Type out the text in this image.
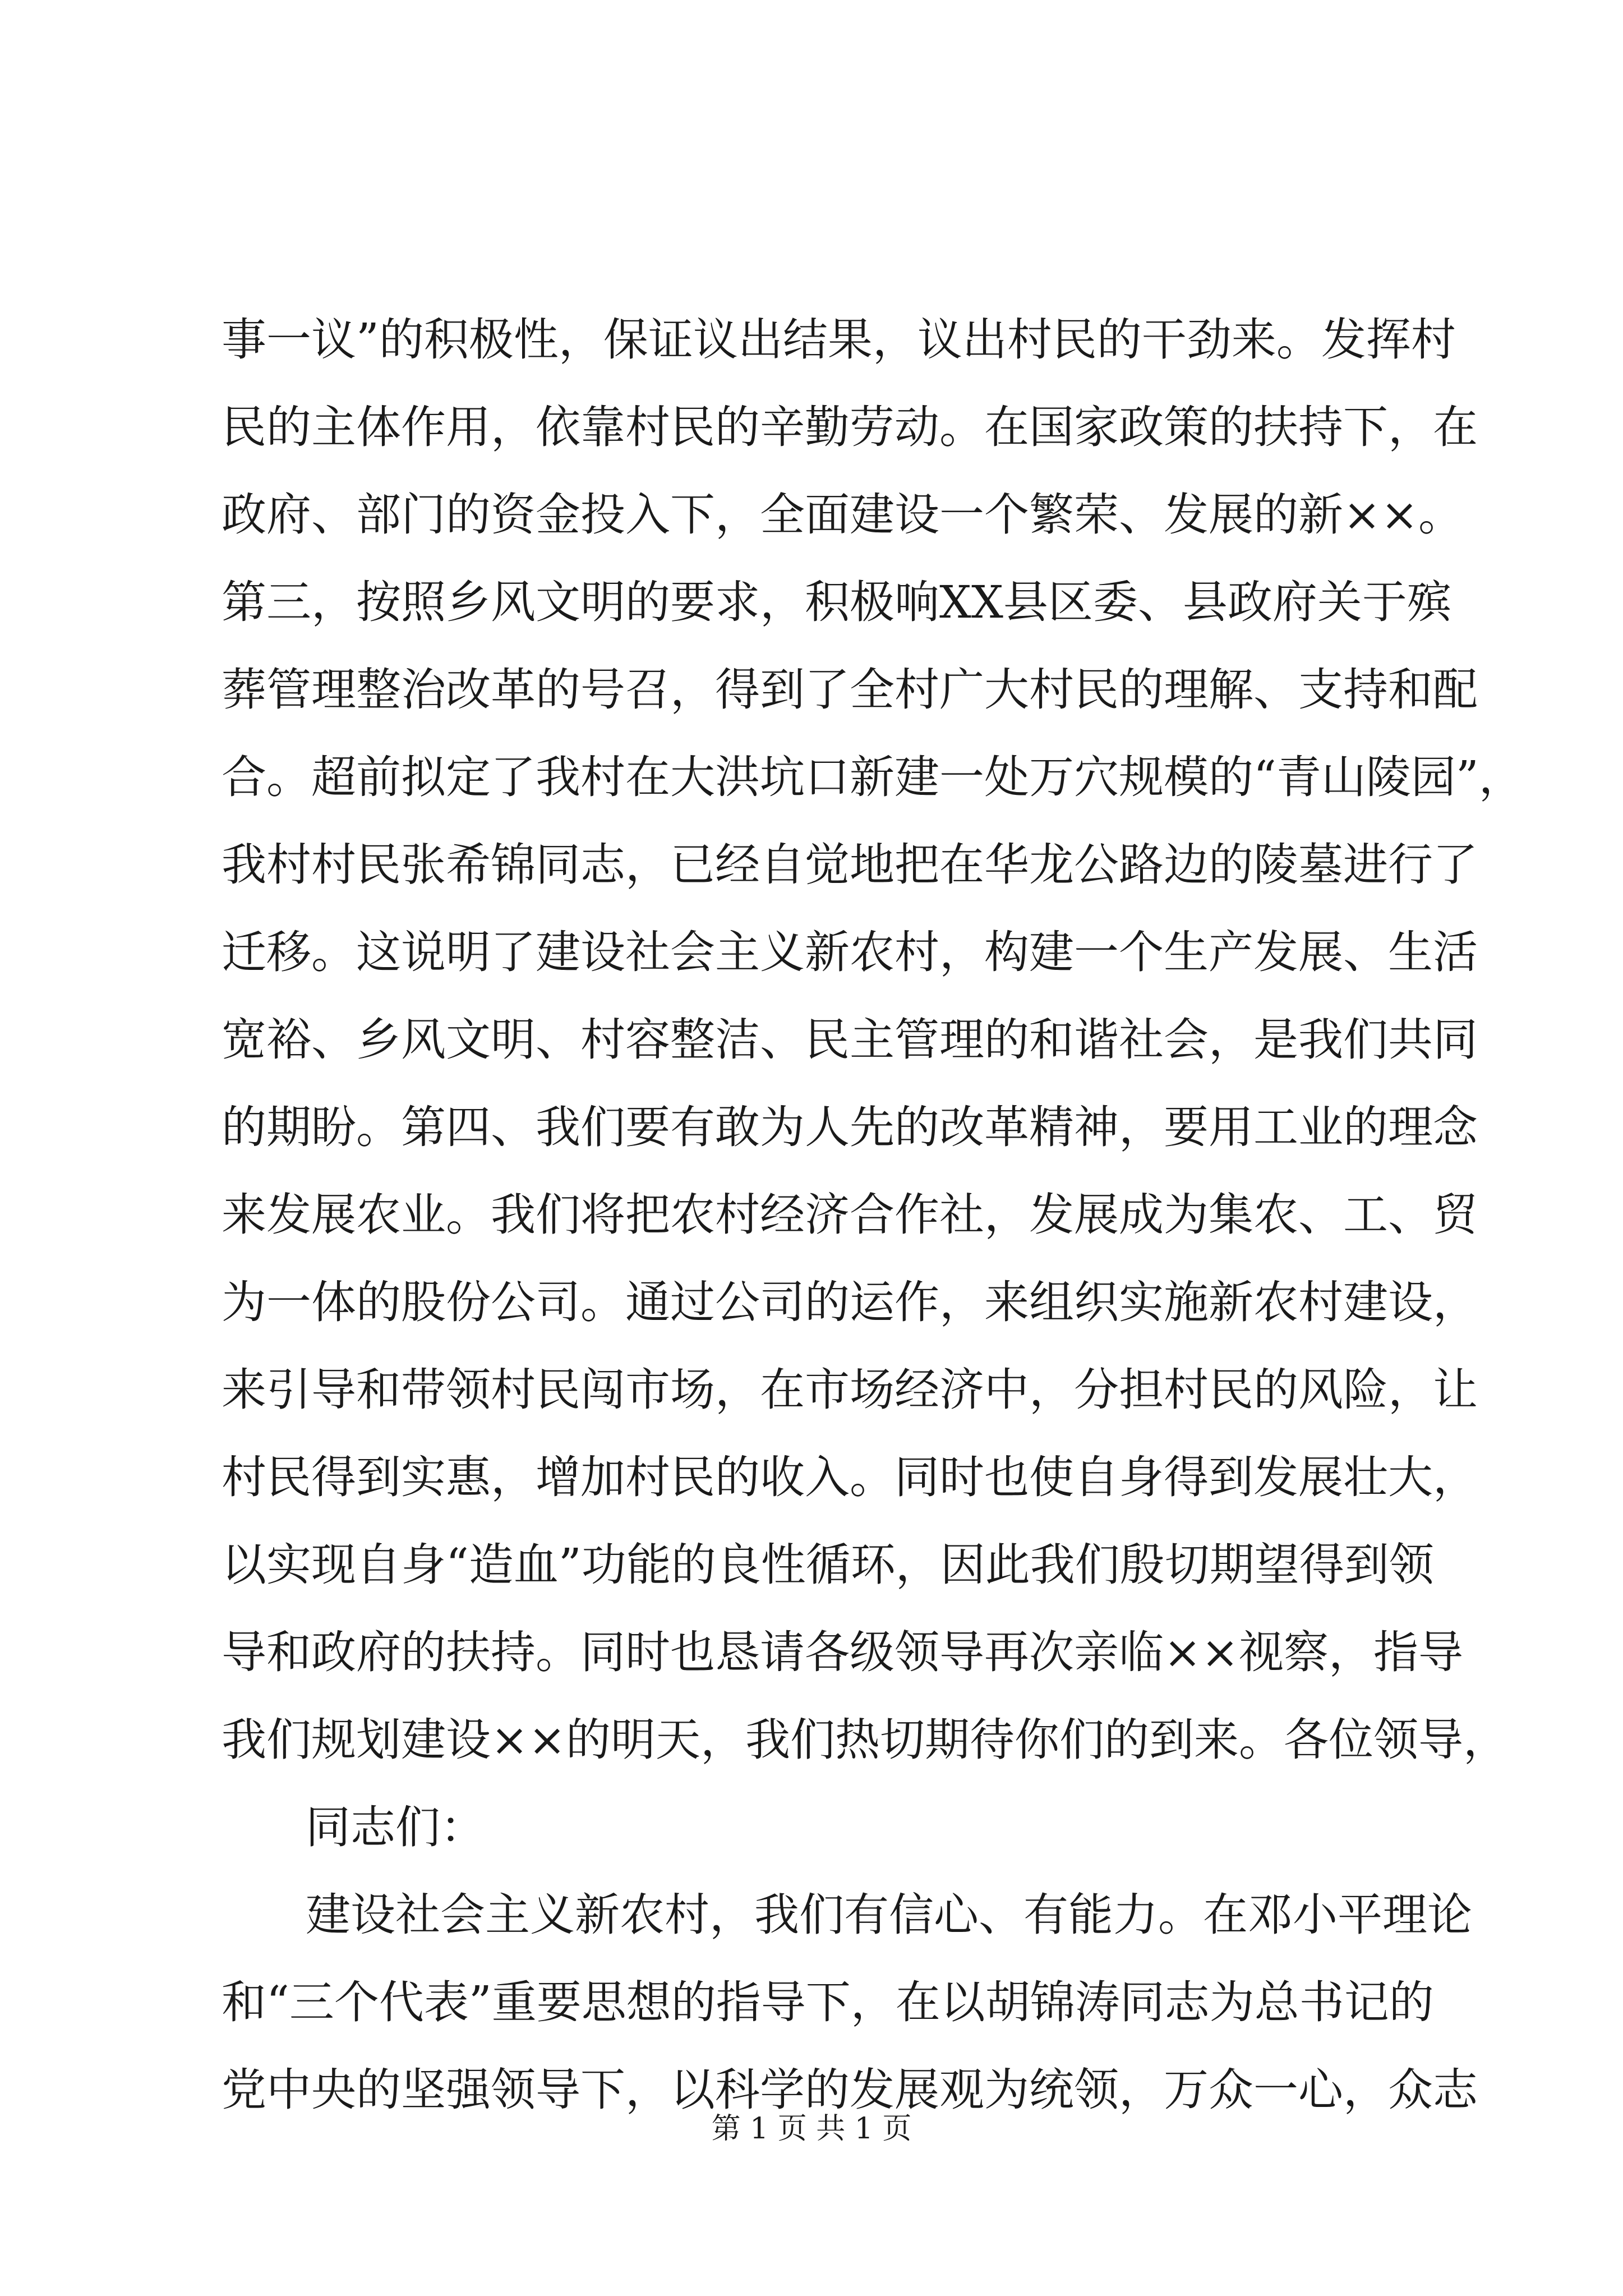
事一议”的积极性，保证议出结果，议出村民的干劲来。发挥村
民的主体作用，依靠村民的辛勤劳动。在国家政策的扶持下，在
政府、部门的资金投入下，全面建设一个繁荣、发展的新××。
第三，按照乡风文明的要求，积极响XX县区委、县政府关于殡
葬管理整治改革的号召，得到了全村广大村民的理解、支持和配
合。超前拟定了我村在大洪坑口新建一处万穴规模的“青山陵园”，
我村村民张希锦同志，已经自觉地把在华龙公路边的陵墓进行了
迁移。这说明了建设社会主义新农村，构建一个生产发展、生活
宽裕、乡风文明、村容整洁、民主管理的和谐社会，是我们共同
的期盼。第四、我们要有敢为人先的改革精神，要用工业的理念
来发展农业。我们将把农村经济合作社，发展成为集农、工、贸
为一体的股份公司。通过公司的运作，来组织实施新农村建设，
来引导和带领村民闯市场，在市场经济中，分担村民的风险，让
村民得到实惠，增加村民的收入。同时也使自身得到发展壮大，
以实现自身“造血”功能的良性循环，因此我们殷切期望得到领
导和政府的扶持。同时也恳请各级领导再次亲临××视察，指导
我们规划建设××的明天，我们热切期待你们的到来。各位领导，
同志们：
建设社会主义新农村，我们有信心、有能力。在邓小平理论
和“三个代表”重要思想的指导下，在以胡锦涛同志为总书记的
党中央的坚强领导下，以科学的发展观为统领，万众一心，众志
第 1 页 共 1 页
